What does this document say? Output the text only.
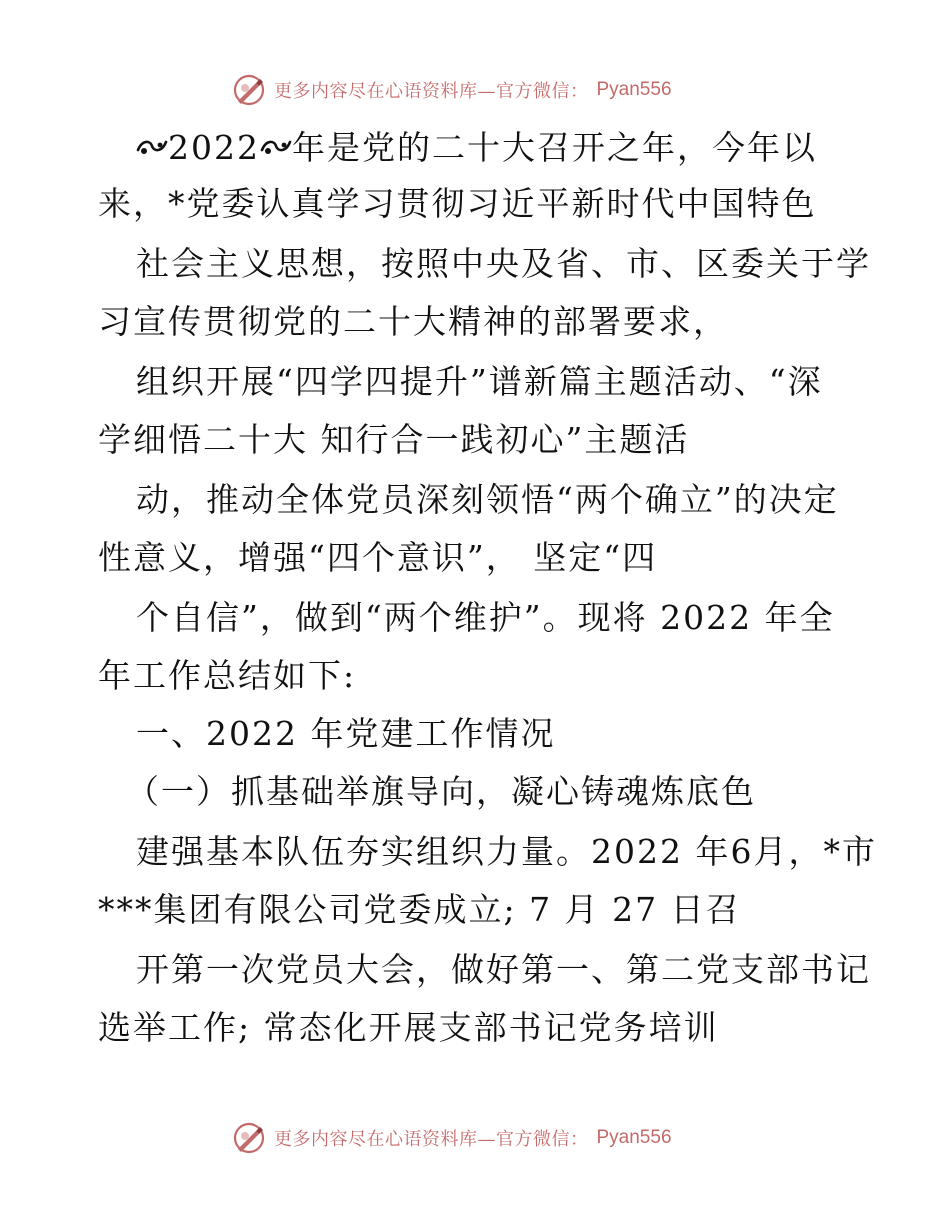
更多内容尽在心语资料库—官方微信： Pyan556
2022 年是党的二十大召开之年，今年以
来，*党委认真学习贯彻习近平新时代中国特色
社会主义思想，按照中央及省、市、区委关于学
习宣传贯彻党的二十大精神的部署要求，
组织开展“四学四提升”谱新篇主题活动、“深
学细悟二十大 知行合一践初心”主题活
动，推动全体党员深刻领悟“两个确立”的决定
性意义，增强“四个意识”， 坚定“四
个自信”，做到“两个维护”。现将 2022 年全
年工作总结如下:
一、2022 年党建工作情况
（一）抓基础举旗导向，凝心铸魂炼底色
建强基本队伍夯实组织力量。2022 年6月，*市
***集团有限公司党委成立; 7 月 27 日召
开第一次党员大会，做好第一、第二党支部书记
选举工作; 常态化开展支部书记党务培训
更多内容尽在心语资料库—官方微信： Pyan556
